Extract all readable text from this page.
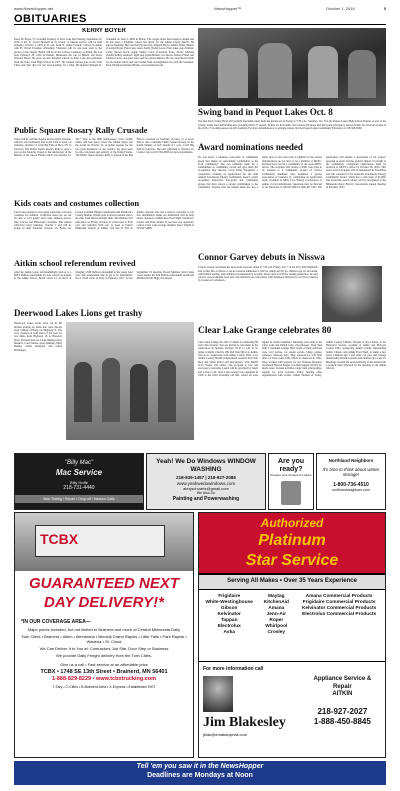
www.NewsHopper.net	NewsHopper™	October 1, 2016	5
OBITUARIES
KERRY BOYER
Kerry M. Boyer, 57, of Aitkin formerly of Prior Lake died Sunday, September 25, 2016 at the St. Cloud Hospital in St. Cloud. A funeral service will be held Saturday, October 1, 2016 at 11 a.m. from St. James Catholic Church in Aitkin with Fr. David Forsman officiating. Visitation will be one hour prior to the service at the church. Burial will be in the Calvary Cemetery at Aitkin. He was born February 28, 1959 in Duluth, Minnesota the son of Hubert and Doris (Turner) Boyer. He grew up and attended schools in Prior Lake and graduated from the Prior Lake High School in 1977. He worked various jobs in the Twin Cities and then did over the road trucking for a time. He married Irmgard K. Schreiner on June 5, 2000 in Elbow. The couple made their home in Aitkin and he has been a longtime school bus driver for the Aitkin school district. He enjoyed hunting. He's survived by his wife, Irmgard Boyer, Aitkin; father, Hubert (Cecelia) Boyer, Prior Lake; sister, Kelly (Todd) Lucas, Prior Lake; step children: Cathy (Steve) Rock, Apple Valley; Carry (Carleton) Stree, Nevis; Michael (Sarah) Kelley, Andover; eight step grandchildren; two nieces: Kelsey Elaner and Chelsea Lucas; one great niece and two great nephews. He was preceded in death by his mother, Doris and one brother Kim. Arrangements are with the Sorensen-Root-Thompson Funeral Home. www.srtfuneral.com.
Swing band in Pequot Lakes Oct. 8
The Red Rock Swing Band will perform danceable tunes from the golden era of Swing at 7:30 p.m., Saturday, Oct. 8 in the Pequot Lakes High School Theater as part of the Greater Lakes Area Performing Arts (GLAPA) 2016-17 season. Tickets are $14 adults, $12 seniors (60-plus), and $10 youth (18-under). Season tickets for all seven events of the 2016-17 GLAPA season are still available. For more information or to arrange, please call the Pequot Lakes Community Education at 218-568-9200.
Award nominations needed
Do you know a business, non-profit or community group that makes an outstanding contribution to the local community? You can nominate them for a commitment to community award and give them the recognition they deserve. Crow Wing Energized, a cooperative working on applications for the 10th Annual Touchstone Energy Community Award, which recognizes innovative non-profit and community groups that have shown a strong commitment to the community. Anyone who has helped make the area a better place to live and work is eligible for the award. Organizations do not have to be a member of MLEC, but must have served a community in the areas MLEC serves. The recipient will receive a $500 cash prize to be donated to a community project of choice. Community members may nominate a group, association or business by completing an application form, available at Mille Lacs Energy Cooperative or online at www.mlecmn.net. Questions may be directed to Joe Moravitz at 218-927-8243 or 800-497-5107. The application will require a description of the project, program or event and the positive impact it brought to the community. Completed applications must be received at MLEC's office by October 28, 2016. This year's award recipient will be announced in November and will contend for the statewide Touchstone Energy Community Award, which has a cash prize of $1,000. The statewide award winner will be recognized at the Minnesota Rural Electric Association annual meeting in February 2017.
Public Square Rosary Rally Crusade
There will be a Public Square Rosary Rally Crusade, which is said nationally and world wide at noon, on Saturday, October 15 at the Big Fish on Hwy. 371 in Garrison. The Public Square Rosary Rally is once a year on the Saturday closest to the anniversary of the Miracle of the Sun at Fatima which was October 13, 1917. This is the 99th Anniversary. Over 12,000 rallies will take place across the United States and the world on October 15, in public squares for the two great intentions of our country: the great need for the conversion and sanctity of the United States. The Public Square Rosary Rally is prayed at the Big Fish in Garrison on Saturday, October 15 at noon. This is also a monthly Public Square Rosary on the fourth Sunday of each month at 1 p.m. at the Big Fish in Garrison. The next gathering is October 23. Contact Jean at 218-764-2863 for more information.
Kids coats and costumes collection
Clear Lake Grange is once again collecting coats and costumes for children. Collection boxes are set out for new or very gently used coats, mittens, gloves, hats, scarves and Halloween costumes. This annual collection starts Saturday, October 1 and will be going on until Saturday, October 15. Boxes are located at Aitkin Village Laundromat and Pruddock's County Market. Winter gear is always needed and in all sizes from infant through adult. Distribution will take place on Friday, October 21 from noon to 6:30 p.m. and Saturday 9:00 a.m. to noon at United Methodist Church of Aitkin, 104 2nd St NW in Aitkin. Anyone who has a need is welcome to our free distribution. Items not distributed will be kept and/or donated to Aitkin Area Food Shelf, Workforce Center, and DAC Aitkin. If you have any questions, contact Clear Lake Grange member Kaye Wright at 218-927-6885.
Connor Garvey debuts in Nisswa
Connor Garvey will make his Grassroots Concerts debut at 7:30 p.m. Friday, Oct. 7 in the Live Well Nightclub and Coffee Bar at Nisswa Concert General admission is $10 for adults and $5 for children age 10 and under, with limited seating, with children accompanied by an adult. Doors open at 6:30 for seating preference. At each concert, non-perishable food and cash donations are welcomed, with donations delivered to local food shelves by Grassroots volunteers.
Aitkin school referendum revived
After the Aitkin voters overwhelmingly said no to a $68.5 million referendum for new school on August 9, the Aitkin School Board voted 5-1 in favor of bringing a $30 million referendum to the voters next year. The referendum date is yet to be determined, but it could come as early as February 2017. At the September 19 meeting, Board Member John Cluite voted against the $30 million referendum and Board Member Kevin Hegg was absent.
Clear Lake Grange celebrates 80
Clear Lake Grange No. 692 of Aitkin is celebrating 80 years this October. You are invited to join them in the celebration on Sunday, October 18 at 11 a.m. at St. James Catholic Church, 299 Red Oak Drive in Aitkin. This is in conjunction with Aitkin County DAC at its 'Aitkin County Sheriff's Department presents K-9 Unit, Boat and Water Patrol and Investigator' with Sheriff Scott Turner and others. The program is free and everyone is welcome. Lunch will be provided by lunch and is free to all. Clear Lake Grange was organized in 1936 at the Glen Township old hall. About 40 were signed as charter members. Meetings were held at the Clear Lake and Rabbit Lake schoolhouses. They then built a basement Grange Hall. Some of their activities were card parties, ice cream socials, bingo parties, cemetery clean-up days. They sponsored a 4-H Club (Pals of Clear Lake 4-H) which re-chartered in 1961. They worked with projects for the Veterans Hospital. An annual Harvest Supper was their biggest activity for many years. Current activities range from scholarships, support for local veterans, Unity, helping other organizations with events, Aitkin Women of Today, Aitkin County TRIAD, Friends of the Library, A Go Historical Society, working at Aitkin and McLeod County Fairs, sponsoring Aitkin County Outstanding Senior Citizen, and Aitkin Food Shelf, to name a few areas. Children age 5 and older can join, and Grange membership includes parents and children up to age 25. Meetings are held the second Sunday of the month with a potluck meal followed by the meeting at the Aitkin Library.
Deerwood Lakes Lions get trashy
Deerwood Lakes Lions were out in the ditches picking up items that were thrown from vehicles driving on Highway 6. The crew cleaned on both sides of the road for two miles from Highway 18 to Hanson's Store. Pictured here are Lions members Kay Bendorf, Carol Mateo, (non member) Marg Heskig, Linda Westgard and Cathy McDougal.
"Billy Mac"
Mac Service
Billy Hoffe
218-731-4440
Mac Towing / Repair • Drop-off / Hasseo Calls
Yeah! We Do Windows WINDOW WASHING
218-839-1457 | 218-927-2086
www.yeahwedowindows.com
alexjschuartz@gmail.com
We Also Do
Painting and Powerwashing
Are you ready?
Prepare your furnace for winter
Northland Neighbors
It's time to think about winter storage!
1-800-736-4510
northlandneighbors.com
TCBX
GUARANTEED NEXT
DAY DELIVERY!*
*IN OUR COVERAGE AREA—
Major points included, but not limited to Brainerd and much of Central Minnesota Daily
Twin Cities • Brainerd • Aitkin • Alexandria • Bemidji Grand Rapids • Little Falls • Park Rapids • Wadena • St. Cloud
We Can Deliver It to You at: Contractors Job Site, Door Step or Business
We provide Daily Freight delivery from the Twin Cities.
Give us a call • Fast service at an affordable price
TCBX • 1748 SE 13th Street • Brainerd, MN 56401
1-888-829-8229 • www.tcbxtrucking.com
T-Tary • C-Cities • B-Brainerd Area • X-Express • Established 1907
Authorized
Platinum
Star Service
Serving All Makes • Over 35 Years Experience
Frigidaire
White-Westinghouse
Gibson
Kelvinator
Tappan
Electrolux
Aska
Maytag
KitchenAid
Amana
Jenn-Air
Roper
Whirlpool
Crosley
Amana Commercial Products
Frigidaire Commercial Products
Kelvinator Commercial Products
Electrolux Commercial Products
For more information call
Jim Blakesley
jblak@emabarqmail.com
Appliance Service & Repair
AITKIN
218-927-2027
1-888-450-8845
Tell 'em you saw it in the NewsHopper
Deadlines are Mondays at Noon
